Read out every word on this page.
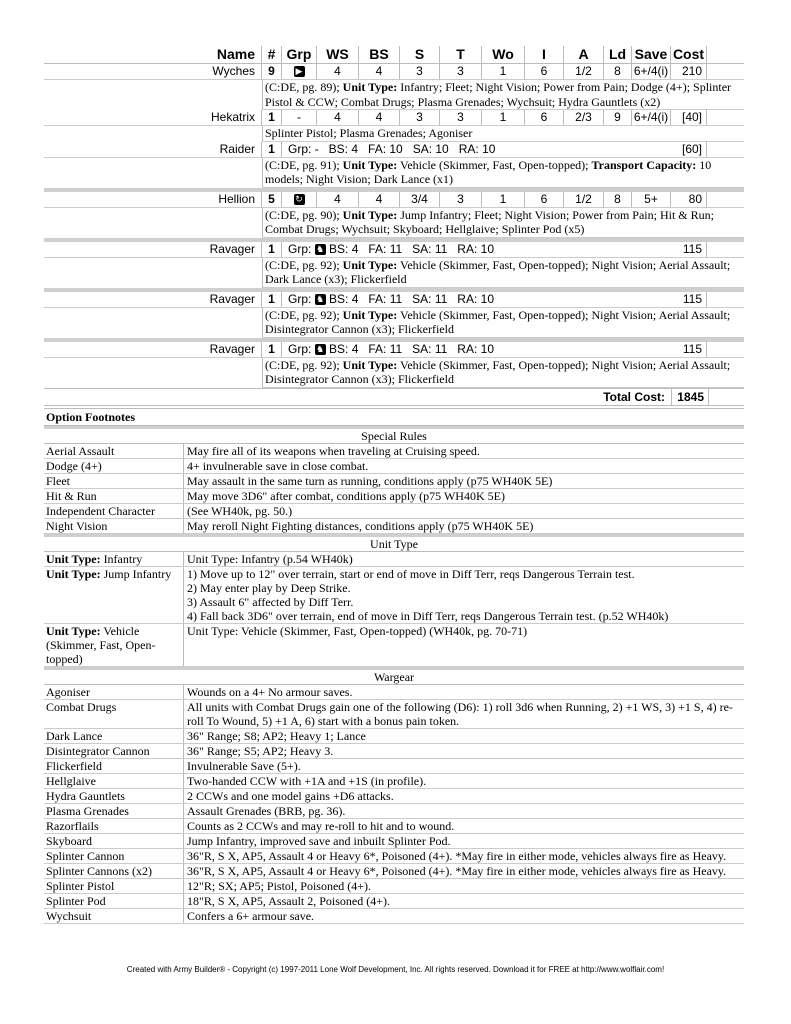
Name # Grp	WS	BS	S	T	Wo	I	A	Ld Save Cost
Wyches	9	▶	4	4	3	3	1	6	1/2	8	6+/4(i)	210
(C:DE, pg. 89); Unit Type: Infantry; Fleet; Night Vision; Power from Pain; Dodge (4+); Splinter Pistol & CCW; Combat Drugs; Plasma Grenades; Wychsuit; Hydra Gauntlets (x2)
Hekatrix	1	-	4	4	3	3	1	6	2/3	9	6+/4(i)	[40]
Splinter Pistol; Plasma Grenades; Agoniser
Raider	1	Grp: -   BS: 4   FA: 10   SA: 10   RA: 10	[60]
(C:DE, pg. 91); Unit Type: Vehicle (Skimmer, Fast, Open-topped); Transport Capacity: 10 models; Night Vision; Dark Lance (x1)
Hellion	5	↻	4	4	3/4	3	1	6	1/2	8	5+	80
(C:DE, pg. 90); Unit Type: Jump Infantry; Fleet; Night Vision; Power from Pain; Hit & Run; Combat Drugs; Wychsuit; Skyboard; Hellglaive; Splinter Pod (x5)
Ravager	1	Grp: ♞ BS: 4   FA: 11   SA: 11   RA: 10	115
(C:DE, pg. 92); Unit Type: Vehicle (Skimmer, Fast, Open-topped); Night Vision; Aerial Assault; Dark Lance (x3); Flickerfield
Ravager	1	Grp: ♞ BS: 4   FA: 11   SA: 11   RA: 10	115
(C:DE, pg. 92); Unit Type: Vehicle (Skimmer, Fast, Open-topped); Night Vision; Aerial Assault; Disintegrator Cannon (x3); Flickerfield
Ravager	1	Grp: ♞ BS: 4   FA: 11   SA: 11   RA: 10	115
(C:DE, pg. 92); Unit Type: Vehicle (Skimmer, Fast, Open-topped); Night Vision; Aerial Assault; Disintegrator Cannon (x3); Flickerfield
Total Cost:	1845
Option Footnotes
Special Rules
Aerial Assault	May fire all of its weapons when traveling at Cruising speed.
Dodge (4+)	4+ invulnerable save in close combat.
Fleet	May assault in the same turn as running, conditions apply (p75 WH40K 5E)
Hit & Run	May move 3D6" after combat, conditions apply (p75 WH40K 5E)
Independent Character	(See WH40k, pg. 50.)
Night Vision	May reroll Night Fighting distances, conditions apply (p75 WH40K 5E)
Unit Type
Unit Type: Infantry	Unit Type: Infantry (p.54 WH40k)
Unit Type: Jump Infantry	1) Move up to 12" over terrain, start or end of move in Diff Terr, reqs Dangerous Terrain test.
2) May enter play by Deep Strike.
3) Assault 6" affected by Diff Terr.
4) Fall back 3D6" over terrain, end of move in Diff Terr, reqs Dangerous Terrain test. (p.52 WH40k)
Unit Type: Vehicle (Skimmer, Fast, Open-topped)
Unit Type: Vehicle (Skimmer, Fast, Open-topped) (WH40k, pg. 70-71)
Wargear
Agoniser	Wounds on a 4+ No armour saves.
Combat Drugs	All units with Combat Drugs gain one of the following (D6): 1) roll 3d6 when Running, 2) +1 WS, 3) +1 S, 4) re-roll To Wound, 5) +1 A, 6) start with a bonus pain token.
Dark Lance	36" Range; S8; AP2; Heavy 1; Lance
Disintegrator Cannon	36" Range; S5; AP2; Heavy 3.
Flickerfield	Invulnerable Save (5+).
Hellglaive	Two-handed CCW with +1A and +1S (in profile).
Hydra Gauntlets	2 CCWs and one model gains +D6 attacks.
Plasma Grenades	Assault Grenades (BRB, pg. 36).
Razorflails	Counts as 2 CCWs and may re-roll to hit and to wound.
Skyboard	Jump Infantry, improved save and inbuilt Splinter Pod.
Splinter Cannon	36"R, S X, AP5, Assault 4 or Heavy 6*, Poisoned (4+). *May fire in either mode, vehicles always fire as Heavy.
Splinter Cannons (x2)	36"R, S X, AP5, Assault 4 or Heavy 6*, Poisoned (4+). *May fire in either mode, vehicles always fire as Heavy.
Splinter Pistol	12"R; SX; AP5; Pistol, Poisoned (4+).
Splinter Pod	18"R, S X, AP5, Assault 2, Poisoned (4+).
Wychsuit	Confers a 6+ armour save.
Created with Army Builder® - Copyright (c) 1997-2011 Lone Wolf Development, Inc. All rights reserved. Download it for FREE at http://www.wolflair.com!
